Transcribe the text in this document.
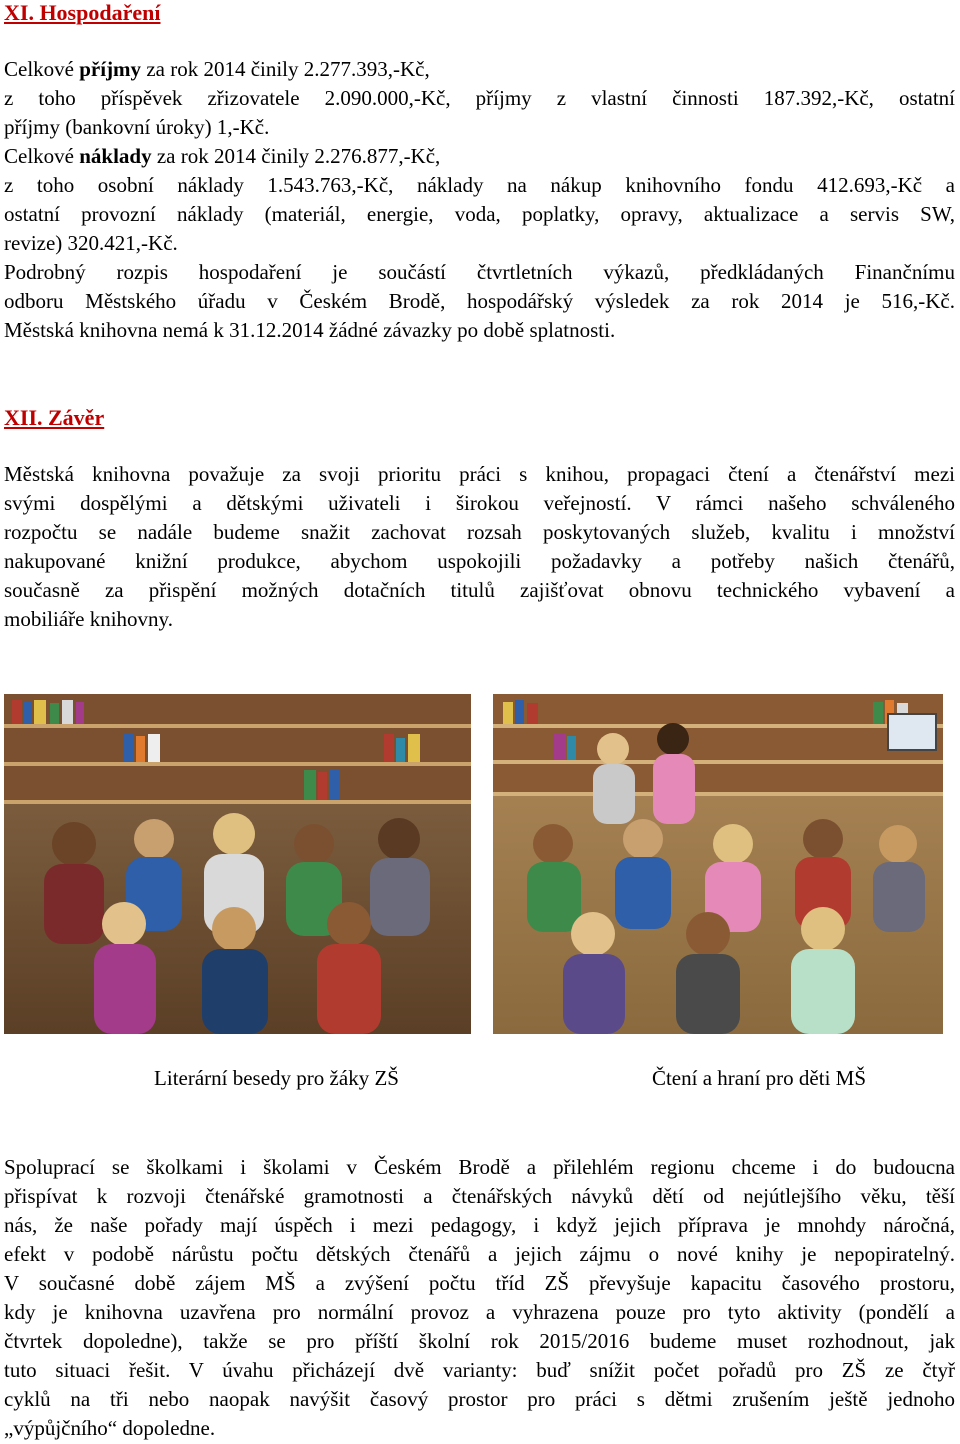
XI. Hospodaření
Celkové příjmy za rok 2014 činily 2.277.393,-Kč,
z toho příspěvek zřizovatele 2.090.000,-Kč, příjmy z vlastní činnosti 187.392,-Kč, ostatní
příjmy (bankovní úroky) 1,-Kč.
Celkové náklady za rok 2014 činily 2.276.877,-Kč,
z toho osobní náklady 1.543.763,-Kč, náklady na nákup knihovního fondu 412.693,-Kč a
ostatní provozní náklady (materiál, energie, voda, poplatky, opravy, aktualizace a servis SW,
revize) 320.421,-Kč.
Podrobný rozpis hospodaření je součástí čtvrtletních výkazů, předkládaných Finančnímu
odboru Městského úřadu v Českém Brodě, hospodářský výsledek za rok 2014 je 516,-Kč.
Městská knihovna nemá k 31.12.2014 žádné závazky po době splatnosti.
XII. Závěr
Městská knihovna považuje za svoji prioritu práci s knihou, propagaci čtení a čtenářství mezi
svými dospělými a dětskými uživateli i širokou veřejností. V rámci našeho schváleného
rozpočtu se nadále budeme snažit zachovat rozsah poskytovaných služeb, kvalitu i množství
nakupované knižní produkce, abychom uspokojili požadavky a potřeby našich čtenářů,
současně za přispění možných dotačních titulů zajišťovat obnovu technického vybavení a
mobiliáře knihovny.
Literární besedy pro žáky ZŠ	Čtení a hraní pro děti MŠ
Spoluprací se školkami i školami v Českém Brodě a přilehlém regionu chceme i do budoucna
přispívat k rozvoji čtenářské gramotnosti a čtenářských návyků dětí od nejútlejšího věku, těší
nás, že naše pořady mají úspěch i mezi pedagogy, i když jejich příprava je mnohdy náročná,
efekt v podobě nárůstu počtu dětských čtenářů a jejich zájmu o nové knihy je nepopiratelný.
V současné době zájem MŠ a zvýšení počtu tříd ZŠ převyšuje kapacitu časového prostoru,
kdy je knihovna uzavřena pro normální provoz a vyhrazena pouze pro tyto aktivity (pondělí a
čtvrtek dopoledne), takže se pro příští školní rok 2015/2016 budeme muset rozhodnout, jak
tuto situaci řešit. V úvahu přicházejí dvě varianty: buď snížit počet pořadů pro ZŠ ze čtyř
cyklů na tři nebo naopak navýšit časový prostor pro práci s dětmi zrušením ještě jednoho
„výpůjčního“ dopoledne.
